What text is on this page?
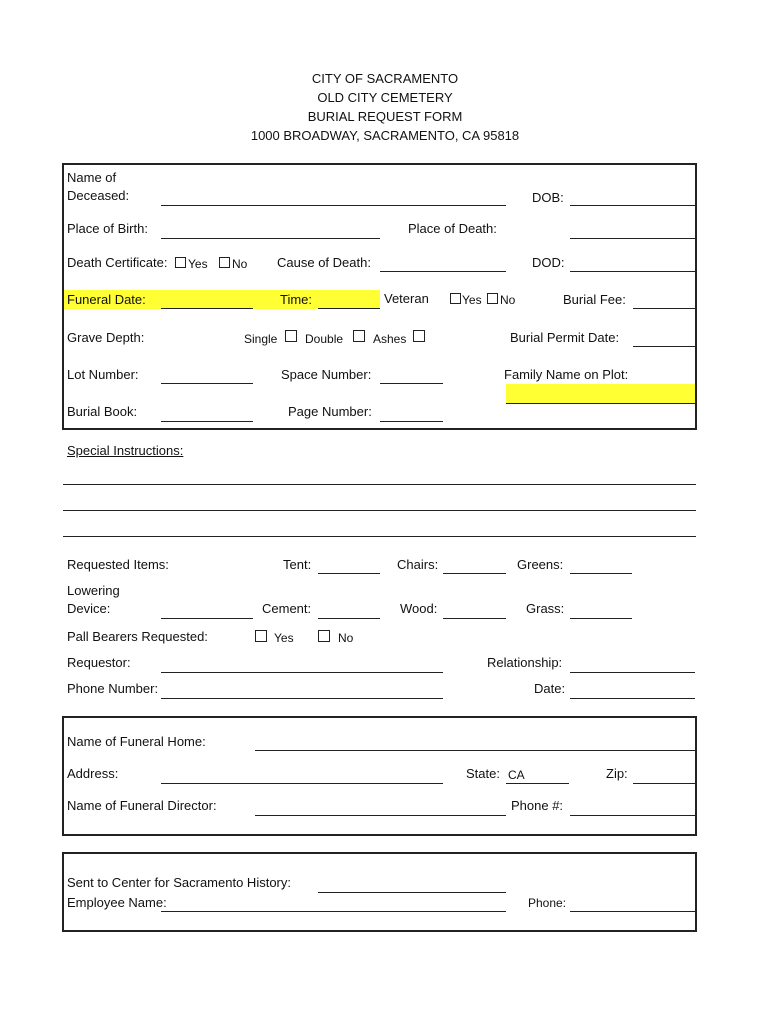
CITY OF SACRAMENTO
OLD CITY CEMETERY
BURIAL REQUEST FORM
1000 BROADWAY, SACRAMENTO, CA 95818
Name of
Deceased:	DOB:
Place of Birth:	Place of Death:
Death Certificate: Yes No Cause of Death:	DOD:
Funeral Date:	Time:	Veteran	Yes No	Burial Fee:
Grave Depth:	Single Double Ashes	Burial Permit Date:
Lot Number:	Space Number:	Family Name on Plot:
Burial Book:	Page Number:
Special Instructions:
Requested Items:	Tent:	Chairs:	Greens:
Lowering
Device:	Cement:	Wood:	Grass:
Pall Bearers Requested:	Yes	No
Requestor:	Relationship:
Phone Number:	Date:
Name of Funeral Home:
Address:	State: CA	Zip:
Name of Funeral Director:	Phone #:
Sent to Center for Sacramento History:
Employee Name:	Phone:
